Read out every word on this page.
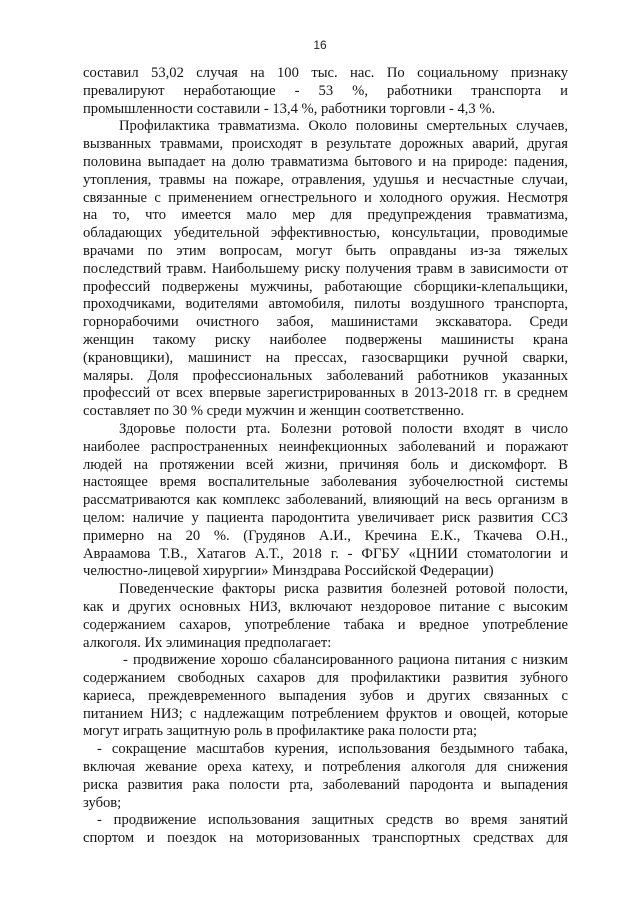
16
составил 53,02 случая на 100 тыс. нас. По социальному признаку
превалируют неработающие - 53 %, работники транспорта и
промышленности составили - 13,4 %, работники торговли - 4,3 %.
Профилактика травматизма. Около половины смертельных случаев,
вызванных травмами, происходят в результате дорожных аварий, другая
половина выпадает на долю травматизма бытового и на природе: падения,
утопления, травмы на пожаре, отравления, удушья и несчастные случаи,
связанные с применением огнестрельного и холодного оружия. Несмотря
на то, что имеется мало мер для предупреждения травматизма,
обладающих убедительной эффективностью, консультации, проводимые
врачами по этим вопросам, могут быть оправданы из-за тяжелых
последствий травм. Наибольшему риску получения травм в зависимости от
профессий подвержены мужчины, работающие сборщики-клепальщики,
проходчиками, водителями автомобиля, пилоты воздушного транспорта,
горнорабочими очистного забоя, машинистами экскаватора. Среди
женщин такому риску наиболее подвержены машинисты крана
(крановщики), машинист на прессах, газосварщики ручной сварки,
маляры. Доля профессиональных заболеваний работников указанных
профессий от всех впервые зарегистрированных в 2013-2018 гг. в среднем
составляет по 30 % среди мужчин и женщин соответственно.
Здоровье полости рта. Болезни ротовой полости входят в число
наиболее распространенных неинфекционных заболеваний и поражают
людей на протяжении всей жизни, причиняя боль и дискомфорт. В
настоящее время воспалительные заболевания зубочелюстной системы
рассматриваются как комплекс заболеваний, влияющий на весь организм в
целом: наличие у пациента пародонтита увеличивает риск развития ССЗ
примерно на 20 %. (Грудянов А.И., Кречина Е.К., Ткачева О.Н.,
Авраамова Т.В., Хатагов А.Т., 2018 г. - ФГБУ «ЦНИИ стоматологии и
челюстно-лицевой хирургии» Минздрава Российской Федерации)
Поведенческие факторы риска развития болезней ротовой полости,
как и других основных НИЗ, включают нездоровое питание с высоким
содержанием сахаров, употребление табака и вредное употребление
алкоголя. Их элиминация предполагает:
- продвижение хорошо сбалансированного рациона питания с низким
содержанием свободных сахаров для профилактики развития зубного
кариеса, преждевременного выпадения зубов и других связанных с
питанием НИЗ; с надлежащим потреблением фруктов и овощей, которые
могут играть защитную роль в профилактике рака полости рта;
- сокращение масштабов курения, использования бездымного табака,
включая жевание ореха катеху, и потребления алкоголя для снижения
риска развития рака полости рта, заболеваний пародонта и выпадения
зубов;
- продвижение использования защитных средств во время занятий
спортом и поездок на моторизованных транспортных средствах для
